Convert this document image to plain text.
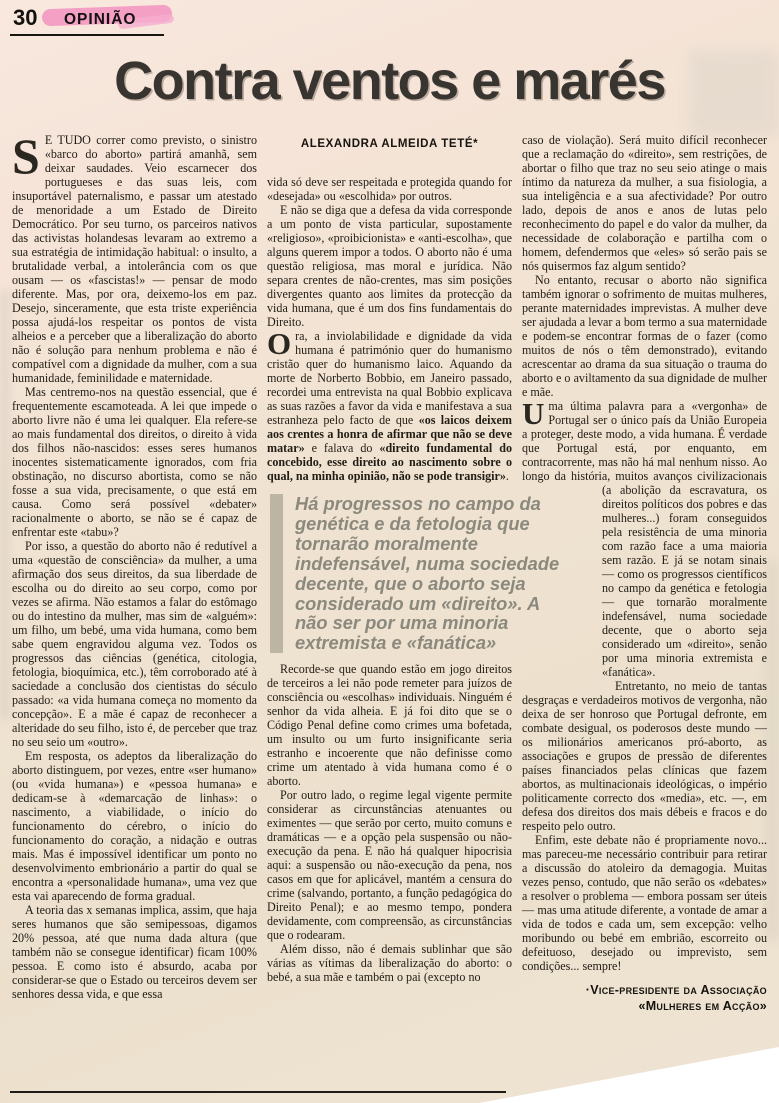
30 OPINIÃO
Contra ventos e marés

S E TUDO correr como previsto, o sinistro «barco do aborto» partirá amanhã, sem deixar saudades. Veio escarnecer dos portugueses e das suas leis, com insuportável paternalismo, e passar um atestado de menoridade a um Estado de Direito Democrático. Por seu turno, os parceiros nativos das activistas holandesas levaram ao extremo a sua estratégia de intimidação habitual: o insulto, a brutalidade verbal, a intolerância com os que ousam — os «fascistas!» — pensar de modo diferente. Mas, por ora, deixemo-los em paz. Desejo, sinceramente, que esta triste experiência possa ajudá-los respeitar os pontos de vista alheios e a perceber que a liberalização do aborto não é solução para nenhum problema e não é compatível com a dignidade da mulher, com a sua humanidade, feminilidade e maternidade.

Mas centremo-nos na questão essencial, que é frequentemente escamoteada. A lei que impede o aborto livre não é uma lei qualquer. Ela refere-se ao mais fundamental dos direitos, o direito à vida dos filhos não-nascidos: esses seres humanos inocentes sistematicamente ignorados, com fria obstinação, no discurso abortista, como se não fosse a sua vida, precisamente, o que está em causa. Como será possível «debater» racionalmente o aborto, se não se é capaz de enfrentar este «tabu»?

Por isso, a questão do aborto não é redutível a uma «questão de consciência» da mulher, a uma afirmação dos seus direitos, da sua liberdade de escolha ou do direito ao seu corpo, como por vezes se afirma. Não estamos a falar do estômago ou do intestino da mulher, mas sim de «alguém»: um filho, um bebé, uma vida humana, como bem sabe quem engravidou alguma vez. Todos os progressos das ciências (genética, citologia, fetologia, bioquímica, etc.), têm corroborado até à saciedade a conclusão dos cientistas do século passado: «a vida humana começa no momento da concepção». E a mãe é capaz de reconhecer a alteridade do seu filho, isto é, de perceber que traz no seu seio um «outro».

Em resposta, os adeptos da liberalização do aborto distinguem, por vezes, entre «ser humano» (ou «vida humana») e «pessoa humana» e dedicam-se à «demarcação de linhas»: o nascimento, a viabilidade, o início do funcionamento do cérebro, o início do funcionamento do coração, a nidação e outras mais. Mas é impossível identificar um ponto no desenvolvimento embrionário a partir do qual se encontra a «personalidade humana», uma vez que esta vai aparecendo de forma gradual.

A teoria das x semanas implica, assim, que haja seres humanos que são semipessoas, digamos 20% pessoa, até que numa dada altura (que também não se consegue identificar) ficam 100% pessoa. E como isto é absurdo, acaba por considerar-se que o Estado ou terceiros devem ser senhores dessa vida, e que essa

ALEXANDRA ALMEIDA TETÉ*

vida só deve ser respeitada e protegida quando for «desejada» ou «escolhida» por outros.

E não se diga que a defesa da vida corresponde a um ponto de vista particular, supostamente «religioso», «proibicionista» e «anti-escolha», que alguns querem impor a todos. O aborto não é uma questão religiosa, mas moral e jurídica. Não separa crentes de não-crentes, mas sim posições divergentes quanto aos limites da protecção da vida humana, que é um dos fins fundamentais do Direito.

Ora, a inviolabilidade e dignidade da vida humana é património quer do humanismo cristão quer do humanismo laico. Aquando da morte de Norberto Bobbio, em Janeiro passado, recordei uma entrevista na qual Bobbio explicava as suas razões a favor da vida e manifestava a sua estranheza pelo facto de que «os laicos deixem aos crentes a honra de afirmar que não se deve matar» e falava do «direito fundamental do concebido, esse direito ao nascimento sobre o qual, na minha opinião, não se pode transigir».

Há progressos no campo da genética e da fetologia que tornarão moralmente indefensável, numa sociedade decente, que o aborto seja considerado um «direito». A não ser por uma minoria extremista e «fanática»

Recorde-se que quando estão em jogo direitos de terceiros a lei não pode remeter para juízos de consciência ou «escolhas» individuais. Ninguém é senhor da vida alheia. E já foi dito que se o Código Penal define como crimes uma bofetada, um insulto ou um furto insignificante seria estranho e incoerente que não definisse como crime um atentado à vida humana como é o aborto.

Por outro lado, o regime legal vigente permite considerar as circunstâncias atenuantes ou eximentes — que serão por certo, muito comuns e dramáticas — e a opção pela suspensão ou não-execução da pena. E não há qualquer hipocrisia aqui: a suspensão ou não-execução da pena, nos casos em que for aplicável, mantém a censura do crime (salvando, portanto, a função pedagógica do Direito Penal); e ao mesmo tempo, pondera devidamente, com compreensão, as circunstâncias que o rodearam.

Além disso, não é demais sublinhar que são várias as vítimas da liberalização do aborto: o bebé, a sua mãe e também o pai (excepto no

caso de violação). Será muito difícil reconhecer que a reclamação do «direito», sem restrições, de abortar o filho que traz no seu seio atinge o mais íntimo da natureza da mulher, a sua fisiologia, a sua inteligência e a sua afectividade? Por outro lado, depois de anos e anos de lutas pelo reconhecimento do papel e do valor da mulher, da necessidade de colaboração e partilha com o homem, defendermos que «eles» só serão pais se nós quisermos faz algum sentido?

No entanto, recusar o aborto não significa também ignorar o sofrimento de muitas mulheres, perante maternidades imprevistas. A mulher deve ser ajudada a levar a bom termo a sua maternidade e podem-se encontrar formas de o fazer (como muitos de nós o têm demonstrado), evitando acrescentar ao drama da sua situação o trauma do aborto e o aviltamento da sua dignidade de mulher e mãe.

Uma última palavra para a «vergonha» de Portugal ser o único país da União Europeia a proteger, deste modo, a vida humana. É verdade que Portugal está, por enquanto, em contracorrente, mas não há mal nenhum nisso. Ao longo da história, muitos avanços civilizacionais (a abolição da escravatura, os
direitos políticos dos pobres e das mulheres...) foram conseguidos pela resistência de uma minoria com razão face a uma maioria sem razão. E já se notam sinais — como os progressos científicos no campo da genética e fetologia — que tornarão moralmente indefensável, numa sociedade decente, que o aborto seja considerado um «direito», senão por uma minoria extremista e «fanática».

Entretanto, no meio de tantas desgraças e verdadeiros motivos de vergonha, não deixa de ser honroso que Portugal defronte, em combate desigual, os poderosos deste mundo — os milionários americanos pró-aborto, as associações e grupos de pressão de diferentes países financiados pelas clínicas que fazem abortos, as multinacionais ideológicas, o império politicamente correcto dos «media», etc. —, em defesa dos direitos dos mais débeis e fracos e do respeito pelo outro.

Enfim, este debate não é propriamente novo... mas pareceu-me necessário contribuir para retirar a discussão do atoleiro da demagogia. Muitas vezes penso, contudo, que não serão os «debates» a resolver o problema — embora possam ser úteis — mas uma atitude diferente, a vontade de amar a vida de todos e cada um, sem excepção: velho moribundo ou bebé em embrião, escorreito ou defeituoso, desejado ou imprevisto, sem condições... sempre!

·Vice-presidente da Associação
«Mulheres em Acção»
